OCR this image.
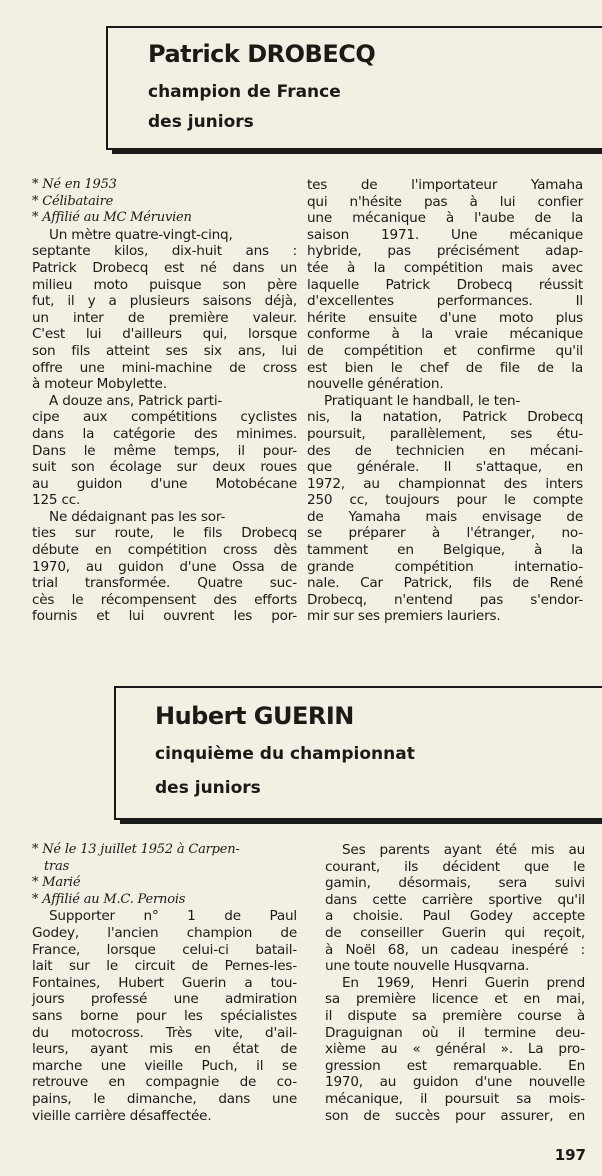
Patrick DROBECQ
champion de France
des juniors
* Né en 1953
* Célibataire
* Affilié au MC Méruvien
Un mètre quatre-vingt-cinq,
septante kilos, dix-huit ans :
Patrick Drobecq est né dans un
milieu moto puisque son père
fut, il y a plusieurs saisons déjà,
un inter de première valeur.
C'est lui d'ailleurs qui, lorsque
son fils atteint ses six ans, lui
offre une mini-machine de cross
à moteur Mobylette.
A douze ans, Patrick parti-
cipe aux compétitions cyclistes
dans la catégorie des minimes.
Dans le même temps, il pour-
suit son écolage sur deux roues
au guidon d'une Motobécane
125 cc.
Ne dédaignant pas les sor-
ties sur route, le fils Drobecq
débute en compétition cross dès
1970, au guidon d'une Ossa de
trial transformée. Quatre suc-
cès le récompensent des efforts
fournis et lui ouvrent les por-
tes de l'importateur Yamaha
qui n'hésite pas à lui confier
une mécanique à l'aube de la
saison 1971. Une mécanique
hybride, pas précisément adap-
tée à la compétition mais avec
laquelle Patrick Drobecq réussit
d'excellentes performances. Il
hérite ensuite d'une moto plus
conforme à la vraie mécanique
de compétition et confirme qu'il
est bien le chef de file de la
nouvelle génération.
Pratiquant le handball, le ten-
nis, la natation, Patrick Drobecq
poursuit, parallèlement, ses étu-
des de technicien en mécani-
que générale. Il s'attaque, en
1972, au championnat des inters
250 cc, toujours pour le compte
de Yamaha mais envisage de
se préparer à l'étranger, no-
tamment en Belgique, à la
grande compétition internatio-
nale. Car Patrick, fils de René
Drobecq, n'entend pas s'endor-
mir sur ses premiers lauriers.
Hubert GUERIN
cinquième du championnat
des juniors
* Né le 13 juillet 1952 à Carpen-
tras
* Marié
* Affilié au M.C. Pernois
Supporter n° 1 de Paul
Godey, l'ancien champion de
France, lorsque celui-ci batail-
lait sur le circuit de Pernes-les-
Fontaines, Hubert Guerin a tou-
jours professé une admiration
sans borne pour les spécialistes
du motocross. Très vite, d'ail-
leurs, ayant mis en état de
marche une vieille Puch, il se
retrouve en compagnie de co-
pains, le dimanche, dans une
vieille carrière désaffectée.
Ses parents ayant été mis au
courant, ils décident que le
gamin, désormais, sera suivi
dans cette carrière sportive qu'il
a choisie. Paul Godey accepte
de conseiller Guerin qui reçoit,
à Noël 68, un cadeau inespéré :
une toute nouvelle Husqvarna.
En 1969, Henri Guerin prend
sa première licence et en mai,
il dispute sa première course à
Draguignan où il termine deu-
xième au « général ». La pro-
gression est remarquable. En
1970, au guidon d'une nouvelle
mécanique, il poursuit sa mois-
son de succès pour assurer, en
197
